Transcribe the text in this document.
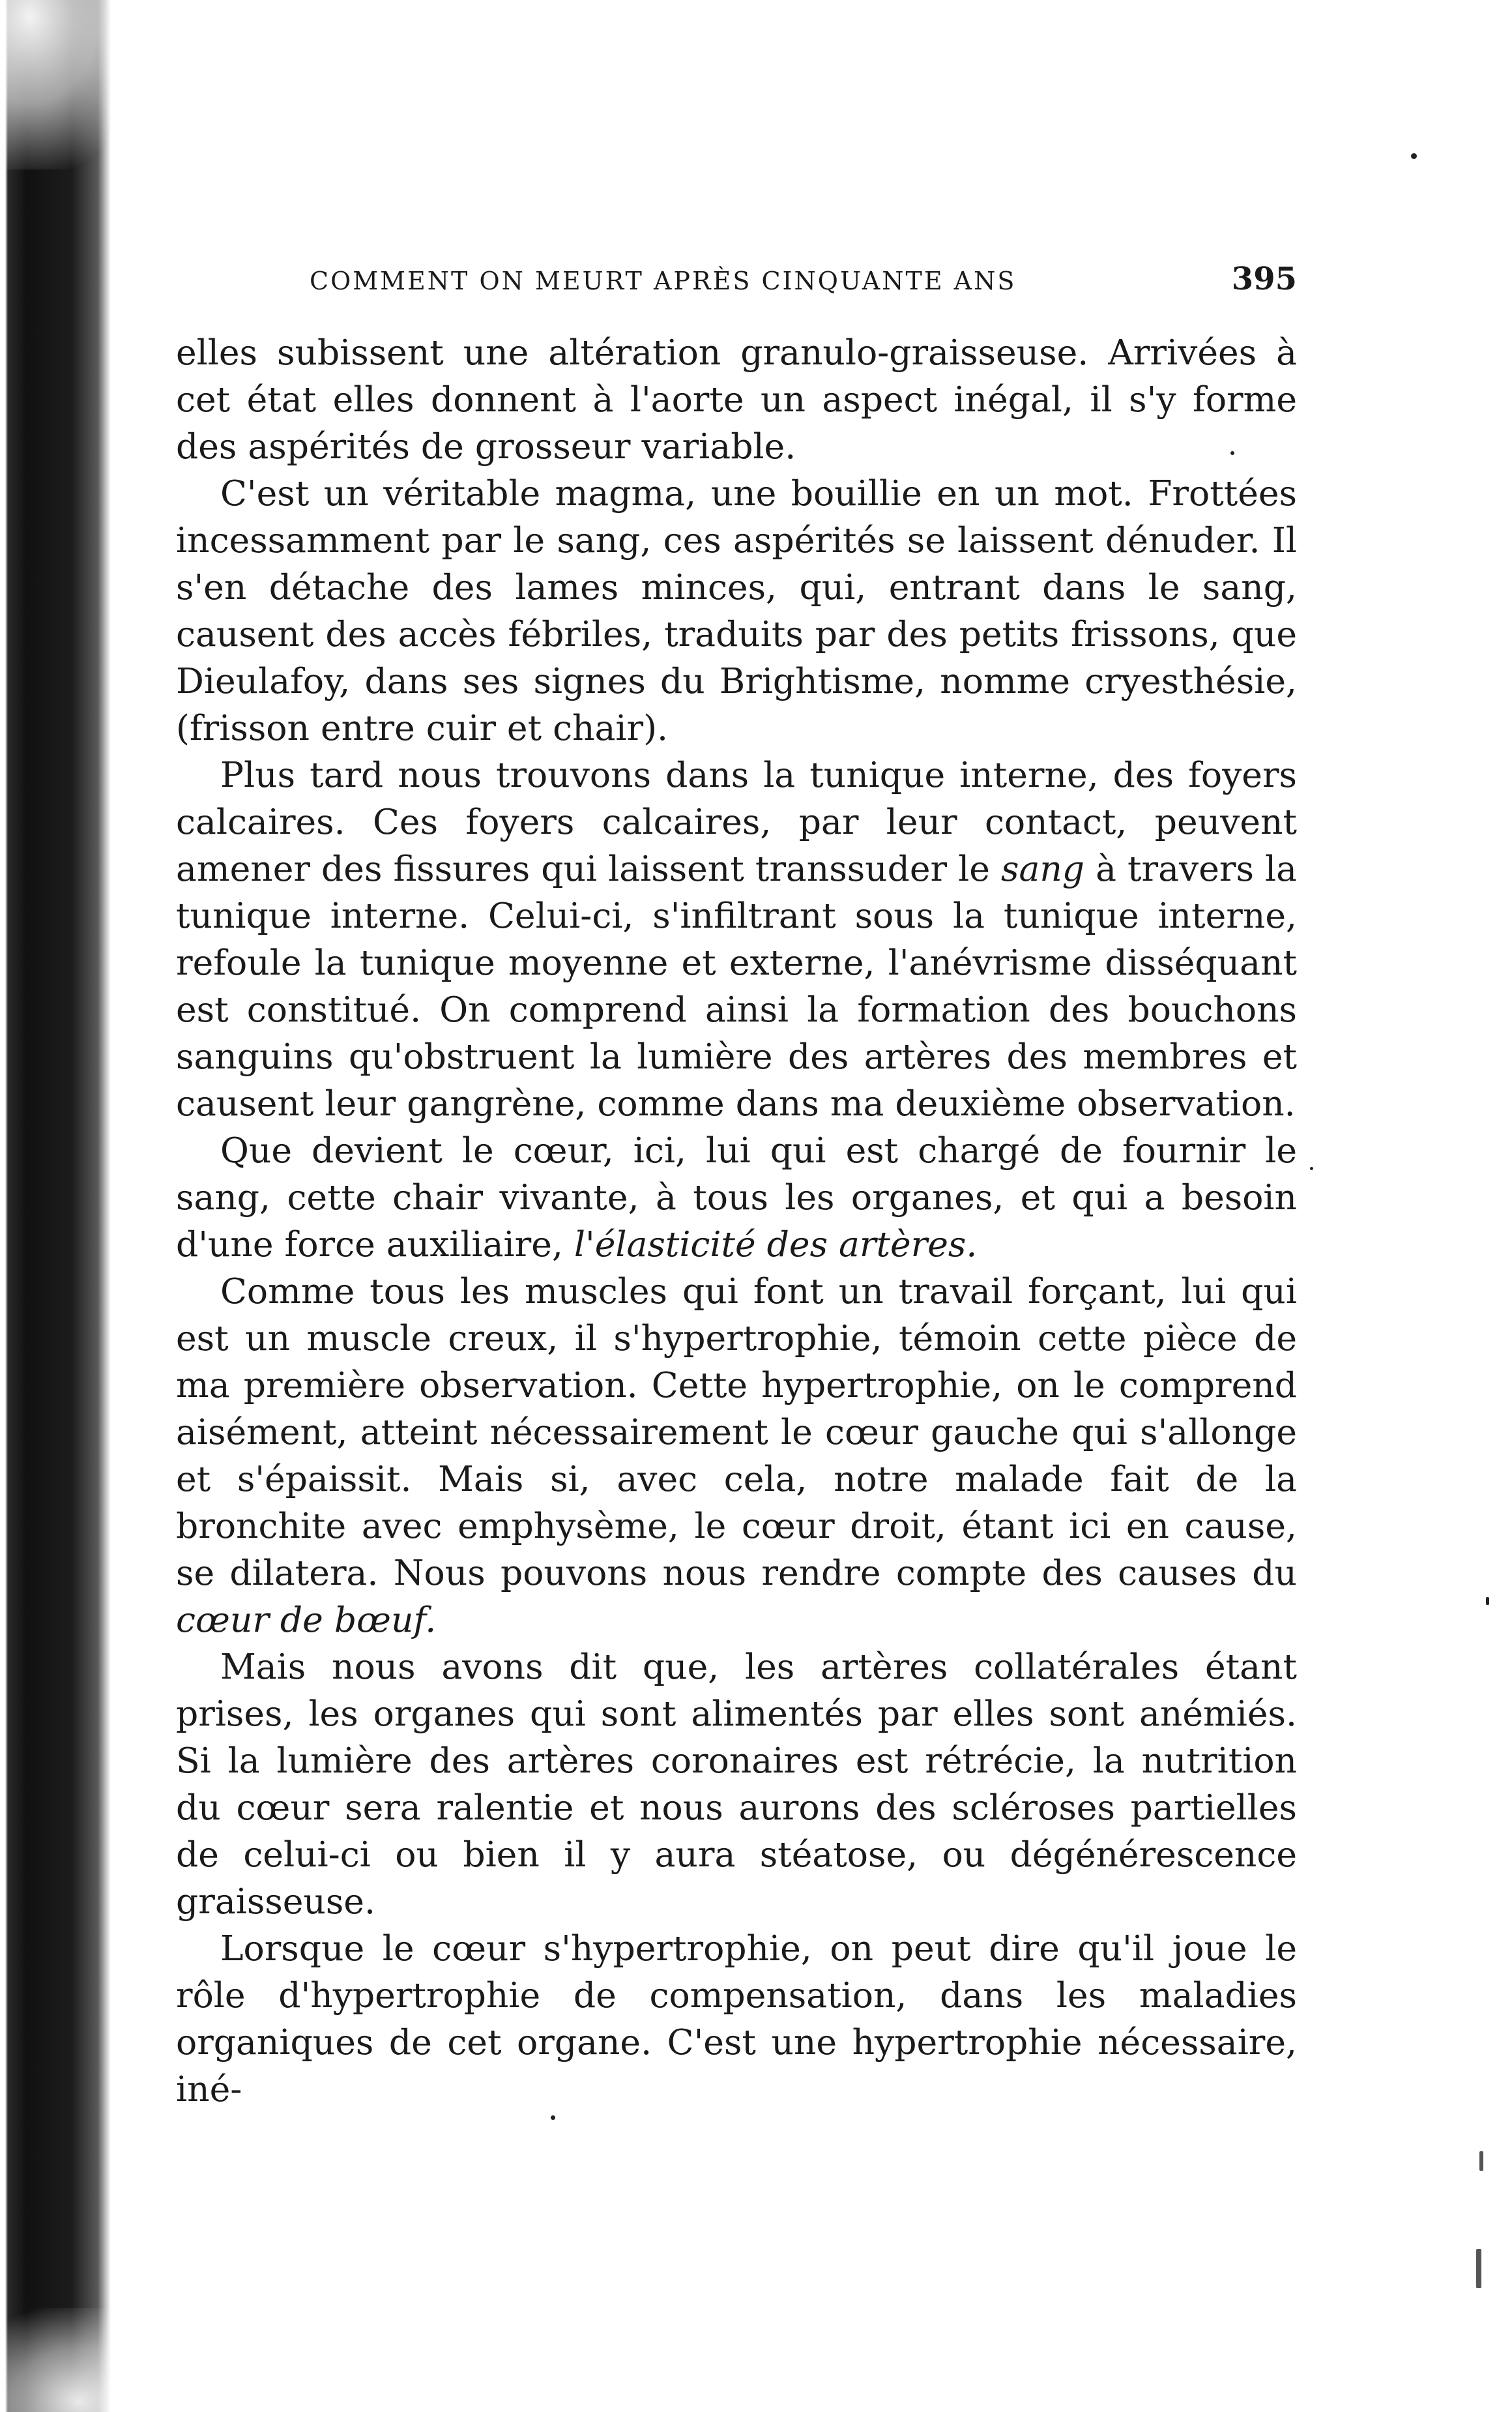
COMMENT ON MEURT APRÈS CINQUANTE ANS	395

elles subissent une altération granulo-graisseuse. Arrivées à cet état elles donnent à l'aorte un aspect inégal, il s'y forme des aspérités de grosseur variable.

C'est un véritable magma, une bouillie en un mot. Frottées incessamment par le sang, ces aspérités se laissent dénuder. Il s'en détache des lames minces, qui, entrant dans le sang, causent des accès fébriles, traduits par des petits frissons, que Dieulafoy, dans ses signes du Brightisme, nomme cryesthésie, (frisson entre cuir et chair).

Plus tard nous trouvons dans la tunique interne, des foyers calcaires. Ces foyers calcaires, par leur contact, peuvent amener des fissures qui laissent transsuder le sang à travers la tunique interne. Celui-ci, s'infiltrant sous la tunique interne, refoule la tunique moyenne et externe, l'anévrisme disséquant est constitué. On comprend ainsi la formation des bouchons sanguins qu'obstruent la lumière des artères des membres et causent leur gangrène, comme dans ma deuxième observation.

Que devient le cœur, ici, lui qui est chargé de fournir le sang, cette chair vivante, à tous les organes, et qui a besoin d'une force auxiliaire, l'élasticité des artères.

Comme tous les muscles qui font un travail forçant, lui qui est un muscle creux, il s'hypertrophie, témoin cette pièce de ma première observation. Cette hypertrophie, on le comprend aisément, atteint nécessairement le cœur gauche qui s'allonge et s'épaissit. Mais si, avec cela, notre malade fait de la bronchite avec emphysème, le cœur droit, étant ici en cause, se dilatera. Nous pouvons nous rendre compte des causes du cœur de bœuf.

Mais nous avons dit que, les artères collatérales étant prises, les organes qui sont alimentés par elles sont anémiés. Si la lumière des artères coronaires est rétrécie, la nutrition du cœur sera ralentie et nous aurons des scléroses partielles de celui-ci ou bien il y aura stéatose, ou dégénérescence graisseuse.

Lorsque le cœur s'hypertrophie, on peut dire qu'il joue le rôle d'hypertrophie de compensation, dans les maladies organiques de cet organe. C'est une hypertrophie nécessaire, iné-
